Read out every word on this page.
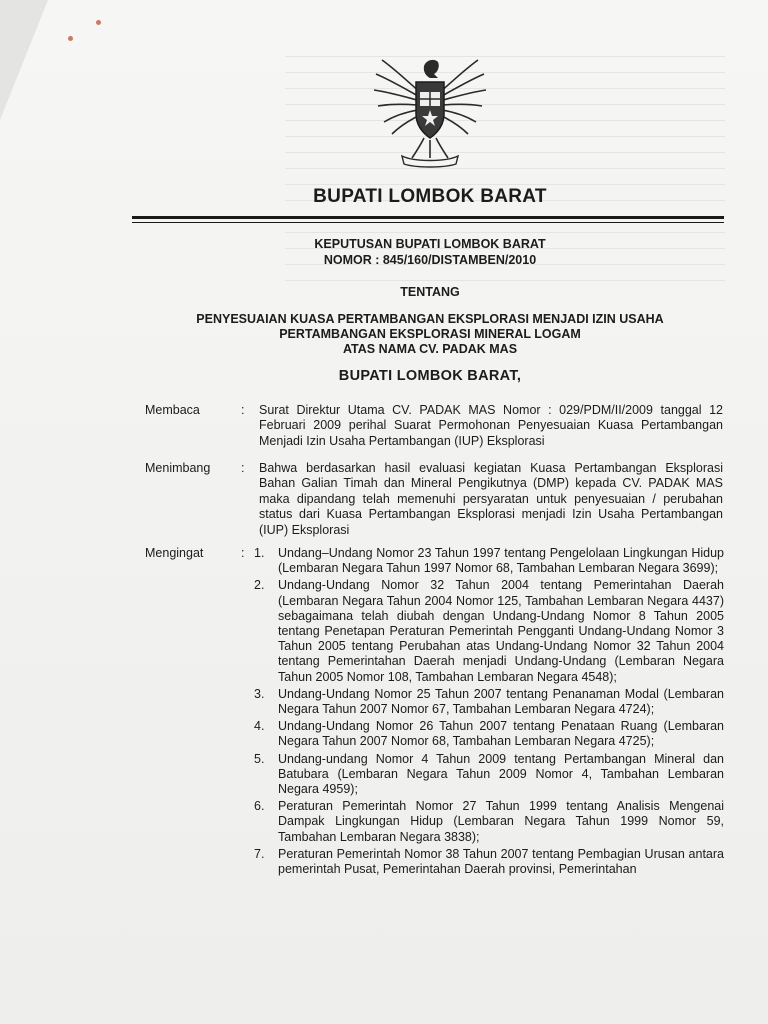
BUPATI LOMBOK BARAT
KEPUTUSAN BUPATI LOMBOK BARAT
NOMOR : 845/160/DISTAMBEN/2010
TENTANG
PENYESUAIAN KUASA PERTAMBANGAN EKSPLORASI MENJADI IZIN USAHA
PERTAMBANGAN EKSPLORASI MINERAL LOGAM
ATAS NAMA CV. PADAK MAS
BUPATI LOMBOK BARAT,
Membaca	: Surat Direktur Utama CV. PADAK MAS Nomor : 029/PDM/II/2009 tanggal 12 Februari 2009 perihal Suarat Permohonan Penyesuaian Kuasa Pertambangan Menjadi Izin Usaha Pertambangan (IUP) Eksplorasi
Menimbang : Bahwa berdasarkan hasil evaluasi kegiatan Kuasa Pertambangan Eksplorasi Bahan Galian Timah dan Mineral Pengikutnya (DMP) kepada CV. PADAK MAS maka dipandang telah memenuhi persyaratan untuk penyesuaian / perubahan status dari Kuasa Pertambangan Eksplorasi menjadi Izin Usaha Pertambangan (IUP) Eksplorasi
Mengingat	: 1.	Undang–Undang Nomor 23 Tahun 1997 tentang Pengelolaan Lingkungan Hidup (Lembaran Negara Tahun 1997 Nomor 68, Tambahan Lembaran Negara 3699);
2.	Undang-Undang Nomor 32 Tahun 2004 tentang Pemerintahan Daerah (Lembaran Negara Tahun 2004 Nomor 125, Tambahan Lembaran Negara 4437) sebagaimana telah diubah dengan Undang-Undang Nomor 8 Tahun 2005 tentang Penetapan Peraturan Pemerintah Pengganti Undang-Undang Nomor 3 Tahun 2005 tentang Perubahan atas Undang-Undang Nomor 32 Tahun 2004 tentang Pemerintahan Daerah menjadi Undang-Undang (Lembaran Negara Tahun 2005 Nomor 108, Tambahan Lembaran Negara 4548);
3.	Undang-Undang Nomor 25 Tahun 2007 tentang Penanaman Modal (Lembaran Negara Tahun 2007 Nomor 67, Tambahan Lembaran Negara 4724);
4.	Undang-Undang Nomor 26 Tahun 2007 tentang Penataan Ruang (Lembaran Negara Tahun 2007 Nomor 68, Tambahan Lembaran Negara 4725);
5.	Undang-undang Nomor 4 Tahun 2009 tentang Pertambangan Mineral dan Batubara (Lembaran Negara Tahun 2009 Nomor 4, Tambahan Lembaran Negara 4959);
6.	Peraturan Pemerintah Nomor 27 Tahun 1999 tentang Analisis Mengenai Dampak Lingkungan Hidup (Lembaran Negara Tahun 1999 Nomor 59, Tambahan Lembaran Negara 3838);
7.	Peraturan Pemerintah Nomor 38 Tahun 2007 tentang Pembagian Urusan antara pemerintah Pusat, Pemerintahan Daerah provinsi, Pemerintahan
